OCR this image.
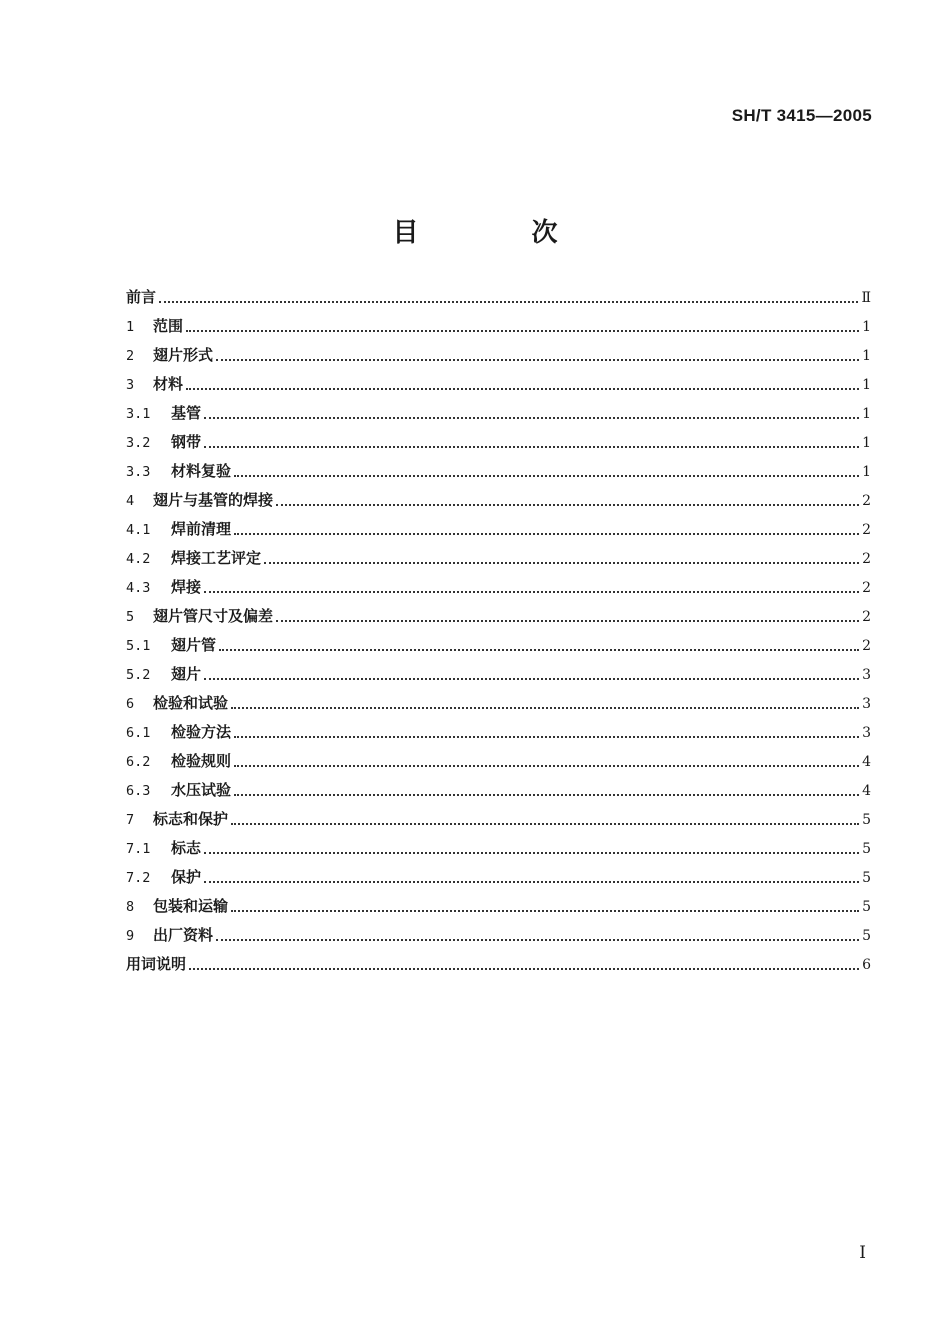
SH/T 3415—2005
目 次
前言	Ⅱ
1	范围	1
2	翅片形式	1
3	材料	1
3.1	基管	1
3.2	钢带	1
3.3	材料复验	1
4	翅片与基管的焊接	2
4.1	焊前清理	2
4.2	焊接工艺评定	2
4.3	焊接	2
5	翅片管尺寸及偏差	2
5.1	翅片管	2
5.2	翅片	3
6	检验和试验	3
6.1	检验方法	3
6.2	检验规则	4
6.3	水压试验	4
7	标志和保护	5
7.1	标志	5
7.2	保护	5
8	包装和运输	5
9	出厂资料	5
用词说明	6
Ⅰ
